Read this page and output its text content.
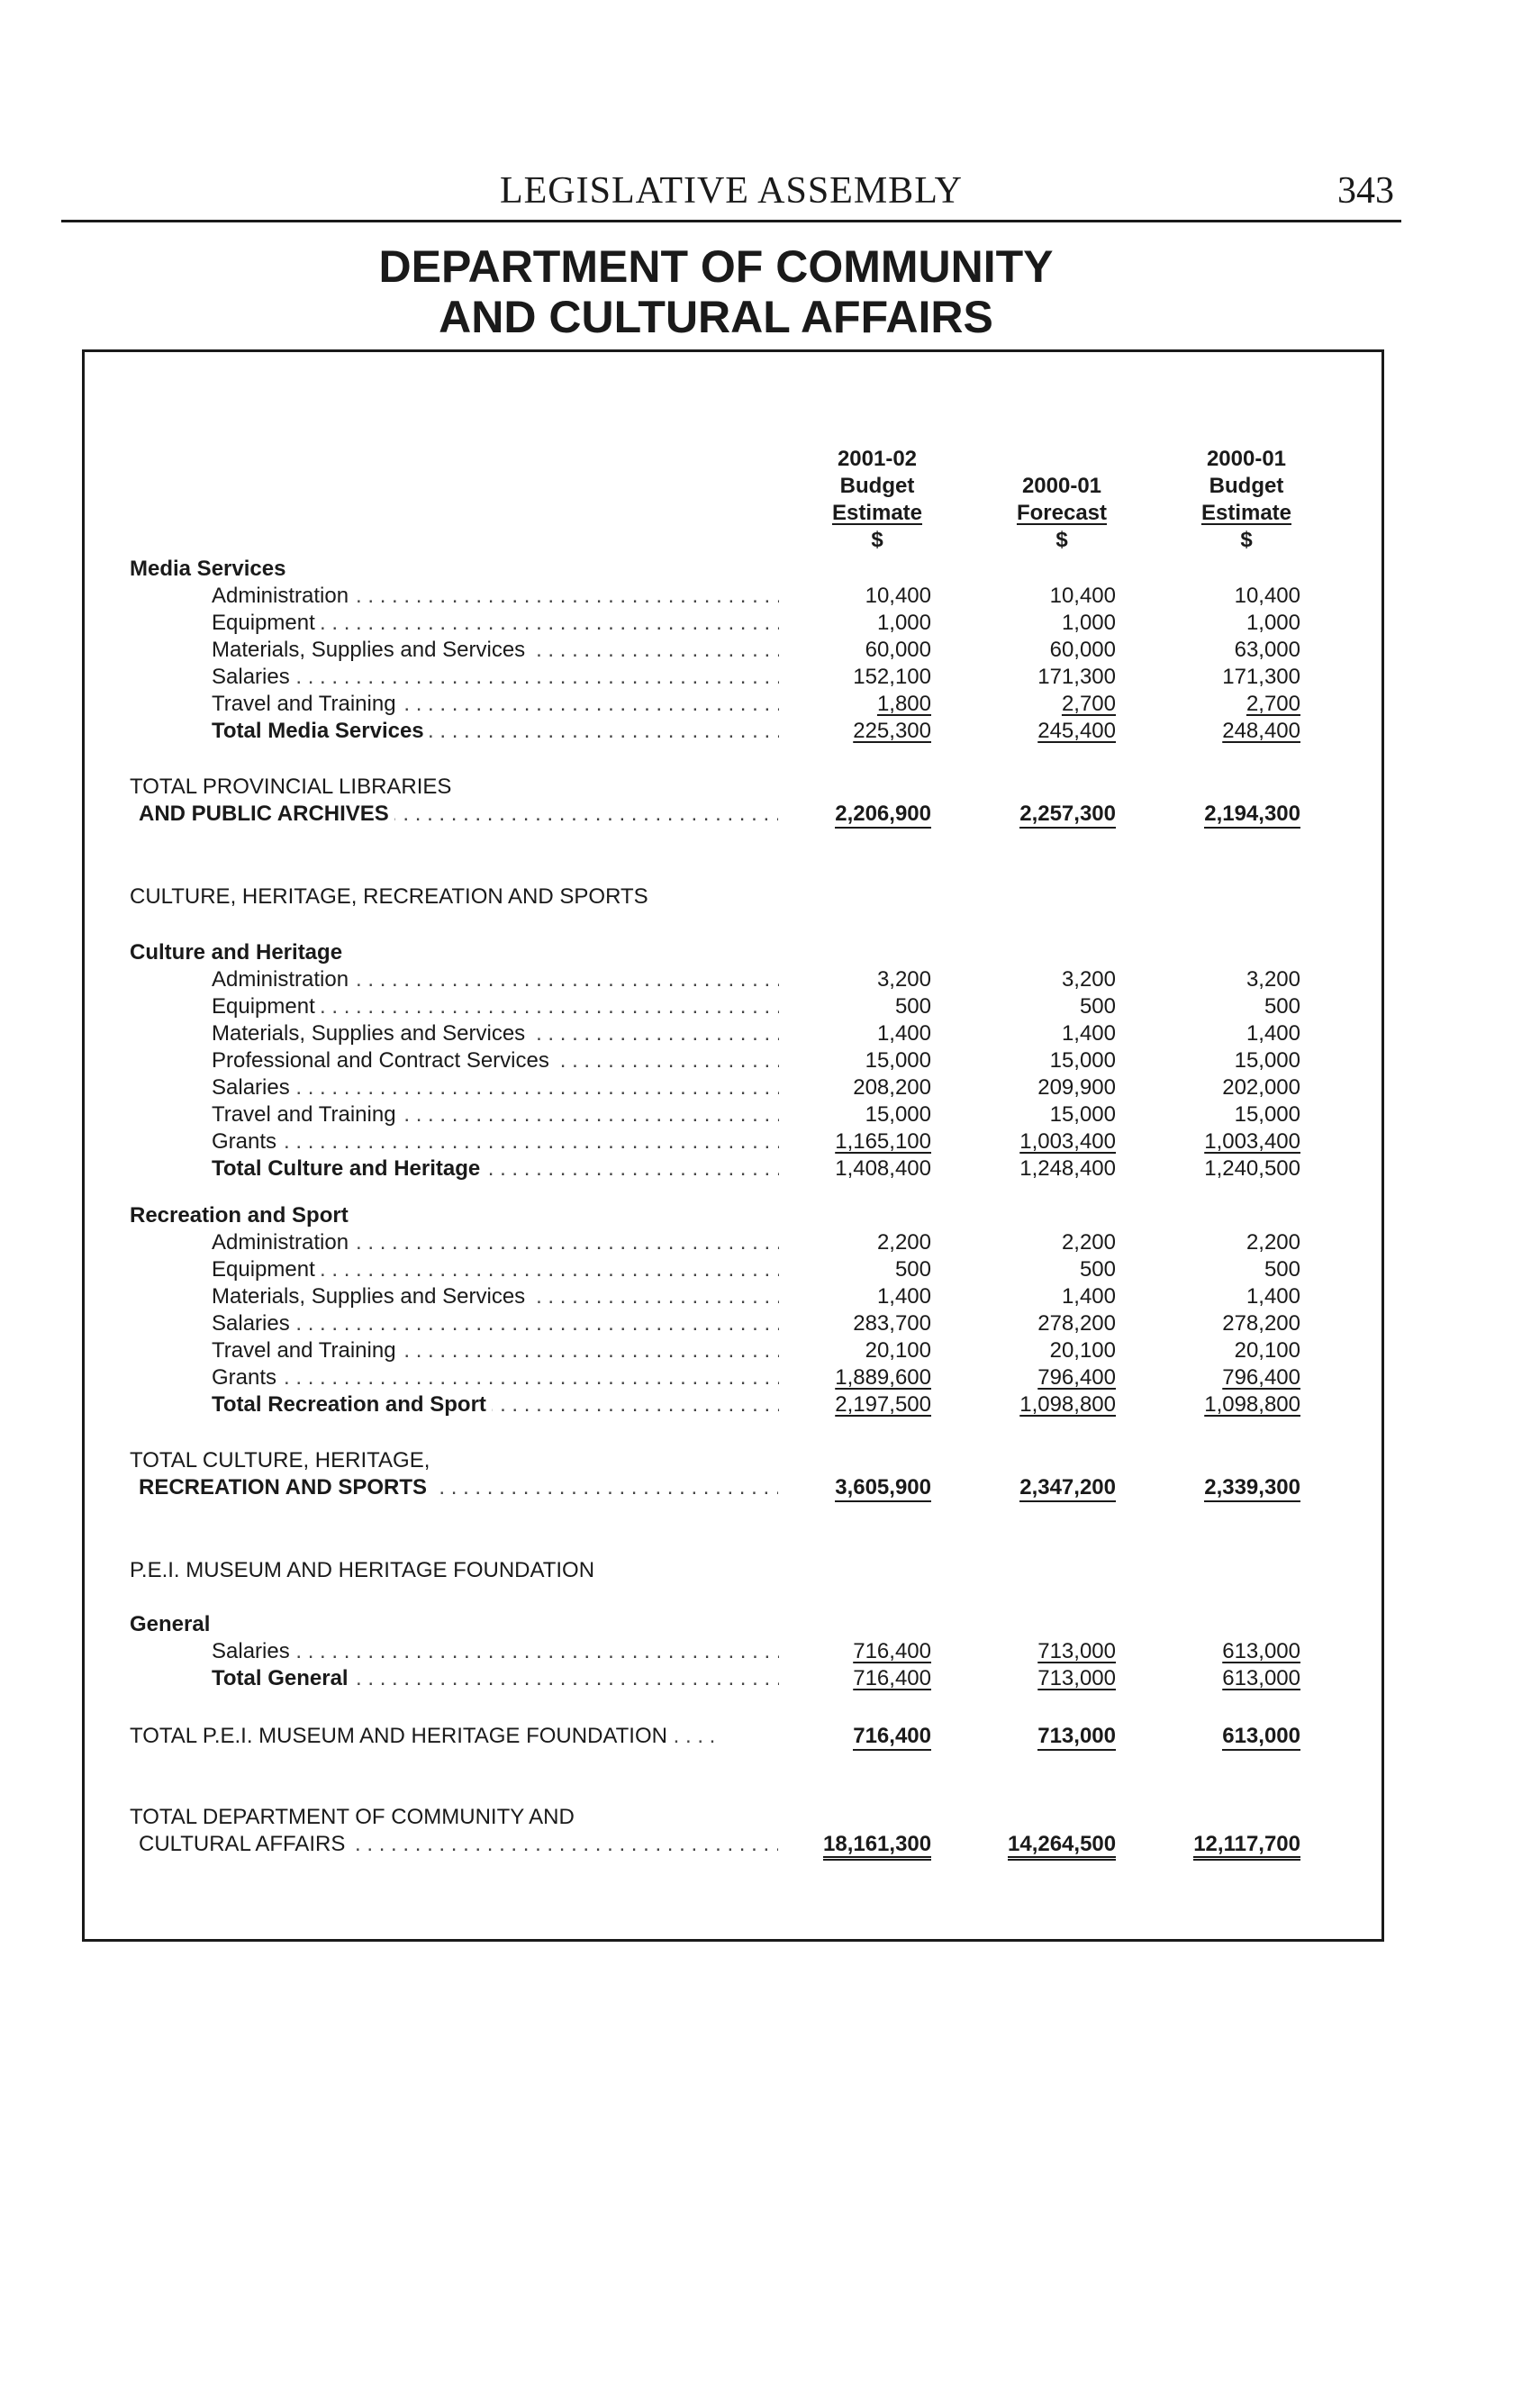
LEGISLATIVE ASSEMBLY	343
DEPARTMENT OF COMMUNITY
AND CULTURAL AFFAIRS
2001-02
Budget
Estimate
$

2000-01
Forecast
$
2000-01
Budget
Estimate
$
Media Services
Administration . . .	10,400	10,400	10,400
Equipment . . .	1,000	1,000	1,000
Materials, Supplies and Services . . .	60,000	60,000	63,000
Salaries . . .	152,100	171,300	171,300
Travel and Training . . .	1,800	2,700	2,700
Total Media Services . . .	225,300	245,400	248,400
TOTAL PROVINCIAL LIBRARIES
AND PUBLIC ARCHIVES . . .	2,206,900	2,257,300	2,194,300
CULTURE, HERITAGE, RECREATION AND SPORTS
Culture and Heritage
Administration . . .	3,200	3,200	3,200
Equipment . . .	500	500	500
Materials, Supplies and Services . . .	1,400	1,400	1,400
Professional and Contract Services . . .	15,000	15,000	15,000
Salaries . . .	208,200	209,900	202,000
Travel and Training . . .	15,000	15,000	15,000
Grants . . .	1,165,100	1,003,400	1,003,400
Total Culture and Heritage . . .	1,408,400	1,248,400	1,240,500
Recreation and Sport
Administration . . .	2,200	2,200	2,200
Equipment . . .	500	500	500
Materials, Supplies and Services . . .	1,400	1,400	1,400
Salaries . . .	283,700	278,200	278,200
Travel and Training . . .	20,100	20,100	20,100
Grants . . .	1,889,600	796,400	796,400
Total Recreation and Sport . . .	2,197,500	1,098,800	1,098,800
TOTAL CULTURE, HERITAGE,
RECREATION AND SPORTS . . .	3,605,900	2,347,200	2,339,300
P.E.I. MUSEUM AND HERITAGE FOUNDATION
General
Salaries . . .	716,400	713,000	613,000
Total General . . .	716,400	713,000	613,000
TOTAL P.E.I. MUSEUM AND HERITAGE FOUNDATION . . . .	716,400	713,000	613,000
TOTAL DEPARTMENT OF COMMUNITY AND
CULTURAL AFFAIRS . . .	18,161,300	14,264,500	12,117,700
